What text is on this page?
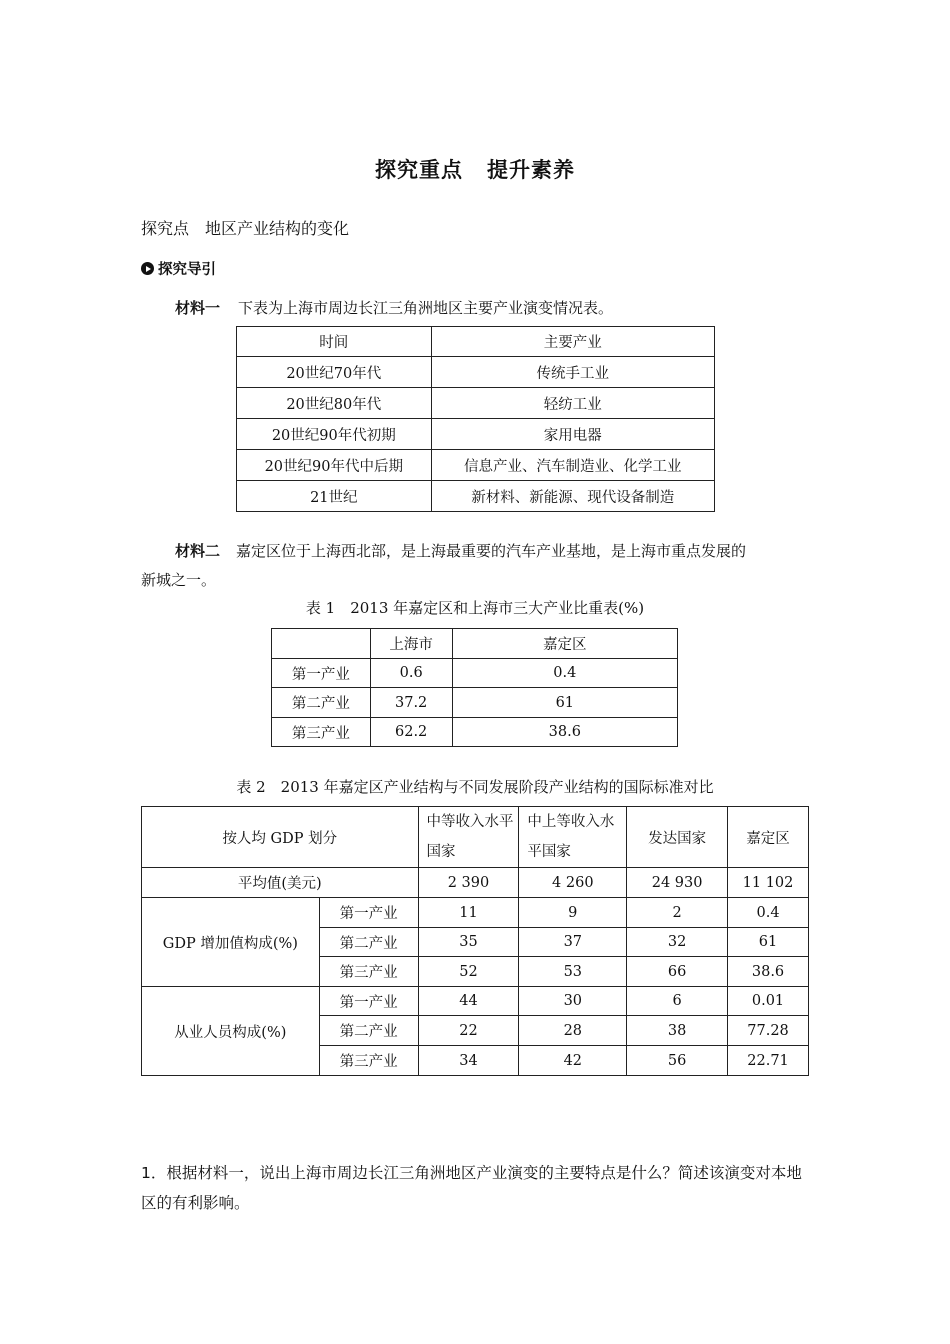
探究重点 提升素养
探究点 地区产业结构的变化
探究导引
材料一 下表为上海市周边长江三角洲地区主要产业演变情况表。
时间	主要产业
20世纪70年代	传统手工业
20世纪80年代	轻纺工业
20世纪90年代初期	家用电器
20世纪90年代中后期	信息产业、汽车制造业、化学工业
21世纪	新材料、新能源、现代设备制造
材料二 嘉定区位于上海西北部，是上海最重要的汽车产业基地，是上海市重点发展的
新城之一。
表 1　2013 年嘉定区和上海市三大产业比重表(%)
	上海市	嘉定区
第一产业	0.6	0.4
第二产业	37.2	61
第三产业	62.2	38.6
表 2　2013 年嘉定区产业结构与不同发展阶段产业结构的国际标准对比
按人均 GDP 划分		中等收入水平国家	中上等收入水平国家	发达国家	嘉定区
平均值(美元)		2 390	4 260	24 930	11 102
GDP 增加值构成(%)	第一产业	11	9	2	0.4
	第二产业	35	37	32	61
	第三产业	52	53	66	38.6
从业人员构成(%)	第一产业	44	30	6	0.01
	第二产业	22	28	38	77.28
	第三产业	34	42	56	22.71
1．根据材料一，说出上海市周边长江三角洲地区产业演变的主要特点是什么？简述该演变对本地区的有利影响。
